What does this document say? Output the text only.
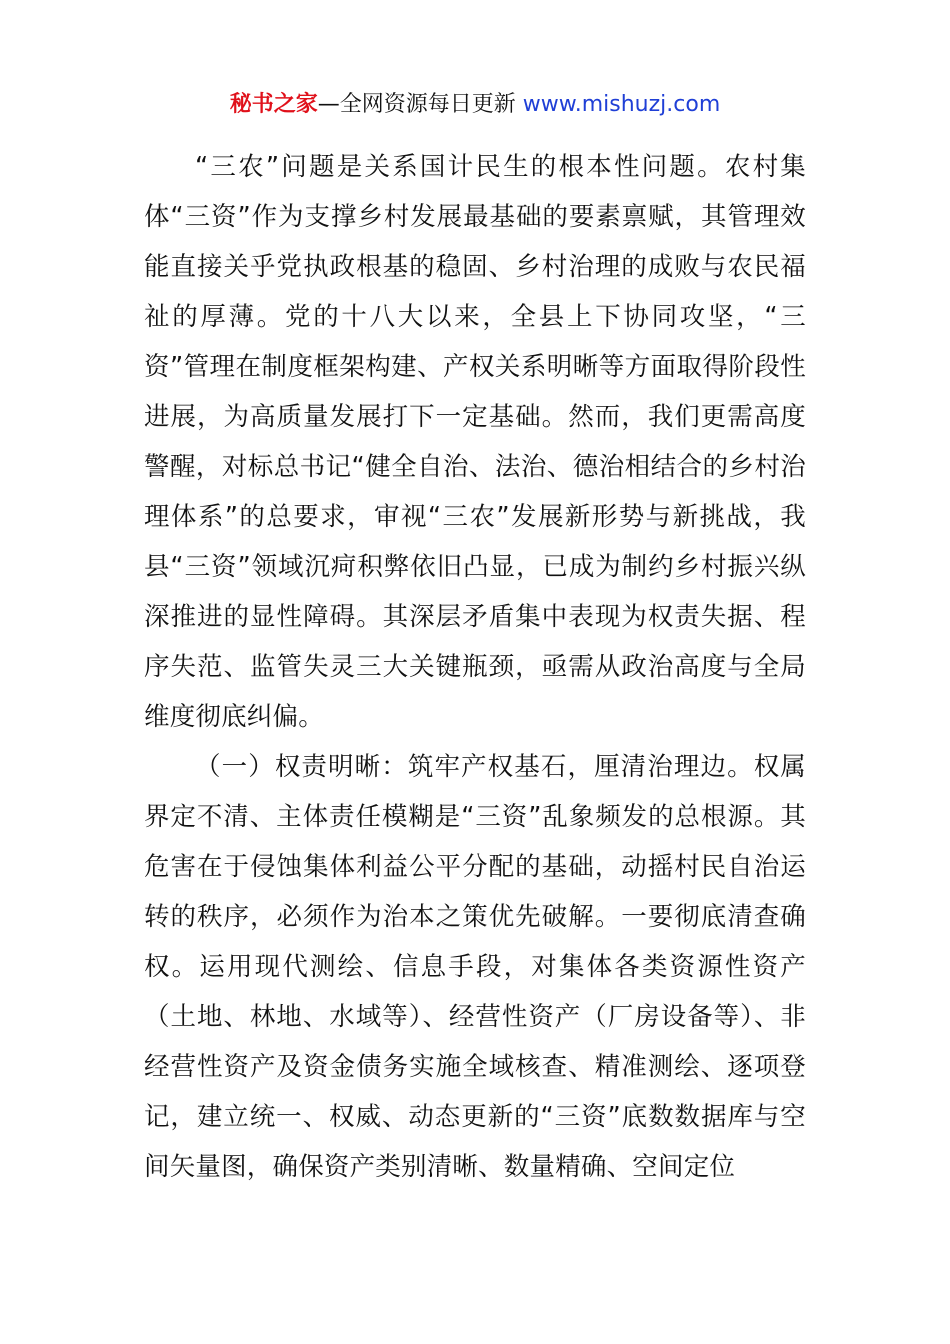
秘书之家—全网资源每日更新 www.mishuzj.com

“三农”问题是关系国计民生的根本性问题。农村集体“三资”作为支撑乡村发展最基础的要素禀赋，其管理效能直接关乎党执政根基的稳固、乡村治理的成败与农民福祉的厚薄。党的十八大以来，全县上下协同攻坚，“三资”管理在制度框架构建、产权关系明晰等方面取得阶段性进展，为高质量发展打下一定基础。然而，我们更需高度警醒，对标总书记“健全自治、法治、德治相结合的乡村治理体系”的总要求，审视“三农”发展新形势与新挑战，我县“三资”领域沉疴积弊依旧凸显，已成为制约乡村振兴纵深推进的显性障碍。其深层矛盾集中表现为权责失据、程序失范、监管失灵三大关键瓶颈，亟需从政治高度与全局维度彻底纠偏。

（一）权责明晰：筑牢产权基石，厘清治理边。权属界定不清、主体责任模糊是“三资”乱象频发的总根源。其危害在于侵蚀集体利益公平分配的基础，动摇村民自治运转的秩序，必须作为治本之策优先破解。一要彻底清查确权。运用现代测绘、信息手段，对集体各类资源性资产（土地、林地、水域等）、经营性资产（厂房设备等）、非经营性资产及资金债务实施全域核查、精准测绘、逐项登记，建立统一、权威、动态更新的“三资”底数数据库与空间矢量图，确保资产类别清晰、数量精确、空间定位
